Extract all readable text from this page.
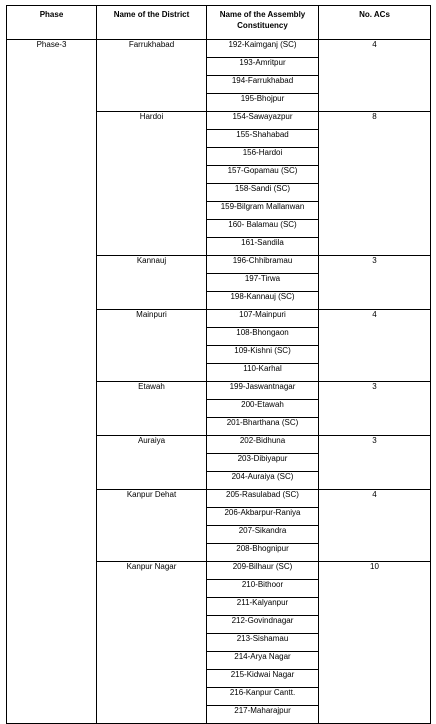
Phase	Name of the District	Name of the Assembly Constituency	No. ACs
Phase-3	Farrukhabad	192-Kaimganj (SC)	4
		193-Amritpur	
		194-Farrukhabad	
		195-Bhojpur	
	Hardoi	154-Sawayazpur	8
		155-Shahabad	
		156-Hardoi	
		157-Gopamau (SC)	
		158-Sandi (SC)	
		159-Bilgram Mallanwan	
		160- Balamau (SC)	
		161-Sandila	
	Kannauj	196-Chhibramau	3
		197-Tirwa	
		198-Kannauj (SC)	
	Mainpuri	107-Mainpuri	4
		108-Bhongaon	
		109-Kishni (SC)	
		110-Karhal	
	Etawah	199-Jaswantnagar	3
		200-Etawah	
		201-Bharthana (SC)	
	Auraiya	202-Bidhuna	3
		203-Dibiyapur	
		204-Auraiya (SC)	
	Kanpur Dehat	205-Rasulabad (SC)	4
		206-Akbarpur-Raniya	
		207-Sikandra	
		208-Bhognipur	
	Kanpur Nagar	209-Bilhaur (SC)	10
		210-Bithoor	
		211-Kalyanpur	
		212-Govindnagar	
		213-Sishamau	
		214-Arya Nagar	
		215-Kidwai Nagar	
		216-Kanpur Cantt.	
		217-Maharajpur	
